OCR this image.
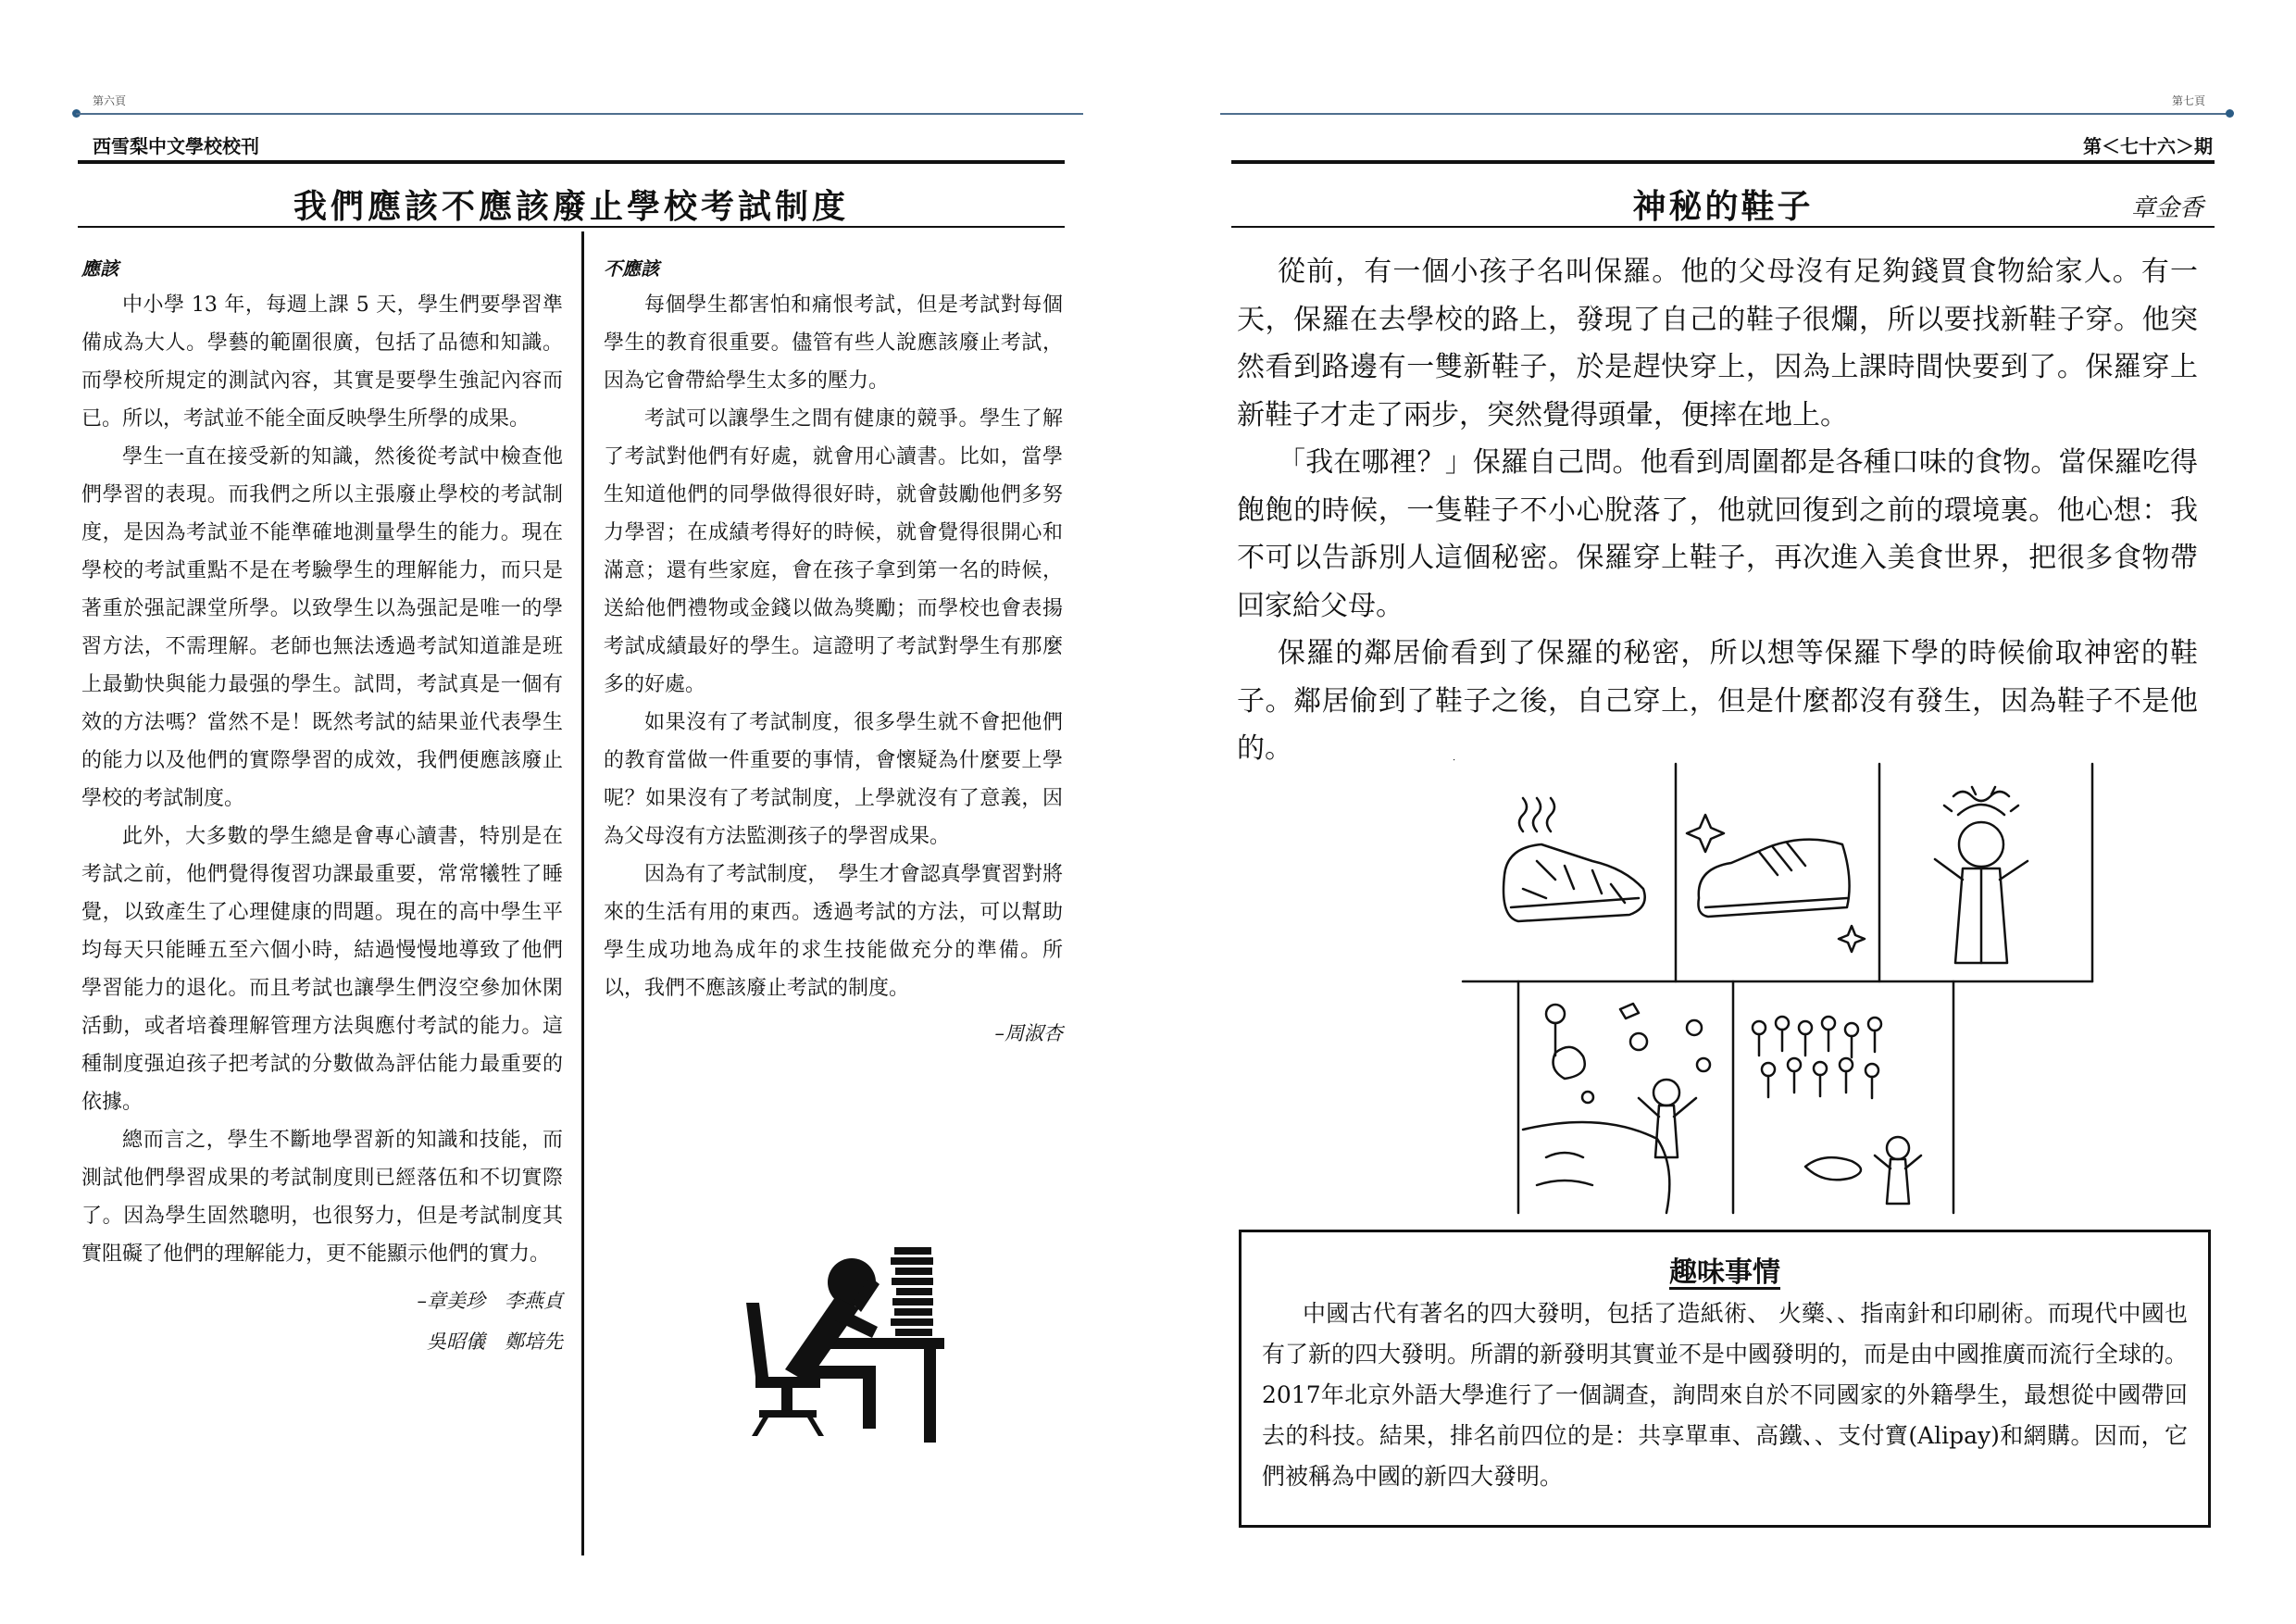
第六頁
西雪梨中文學校校刊
我們應該不應該廢止學校考試制度
應該

中小學 13 年，每週上課 5 天，學生們要學習準備成為大人。學藝的範圍很廣，包括了品德和知識。而學校所規定的測試內容，其實是要學生強記內容而已。所以，考試並不能全面反映學生所學的成果。

學生一直在接受新的知識，然後從考試中檢查他們學習的表現。而我們之所以主張廢止學校的考試制度，是因為考試並不能準確地測量學生的能力。現在學校的考試重點不是在考驗學生的理解能力，而只是著重於强記課堂所學。以致學生以為强記是唯一的學習方法，不需理解。老師也無法透過考試知道誰是班上最勤快與能力最强的學生。試問，考試真是一個有效的方法嗎？當然不是！既然考試的結果並代表學生的能力以及他們的實際學習的成效，我們便應該廢止學校的考試制度。

此外，大多數的學生總是會專心讀書，特別是在考試之前，他們覺得復習功課最重要，常常犧牲了睡覺，以致產生了心理健康的問題。現在的高中學生平均每天只能睡五至六個小時，結過慢慢地導致了他們學習能力的退化。而且考試也讓學生們沒空參加休閑活動，或者培養理解管理方法與應付考試的能力。這種制度强迫孩子把考試的分數做為評估能力最重要的依據。

總而言之，學生不斷地學習新的知識和技能，而測試他們學習成果的考試制度則已經落伍和不切實際了。因為學生固然聰明，也很努力，但是考試制度其實阻礙了他們的理解能力，更不能顯示他們的實力。

–章美珍　李燕貞
吳昭儀　鄭培先
不應該

每個學生都害怕和痛恨考試，但是考試對每個學生的教育很重要。儘管有些人說應該廢止考試，因為它會帶給學生太多的壓力。

考試可以讓學生之間有健康的競爭。學生了解了考試對他們有好處，就會用心讀書。比如，當學生知道他們的同學做得很好時，就會鼓勵他們多努力學習；在成績考得好的時候，就會覺得很開心和滿意；還有些家庭，會在孩子拿到第一名的時候，送給他們禮物或金錢以做為獎勵；而學校也會表揚考試成績最好的學生。這證明了考試對學生有那麼多的好處。

如果沒有了考試制度，很多學生就不會把他們的教育當做一件重要的事情，會懷疑為什麼要上學呢？如果沒有了考試制度，上學就沒有了意義，因為父母沒有方法監測孩子的學習成果。

因為有了考試制度，　學生才會認真學實習對將來的生活有用的東西。透過考試的方法，可以幫助學生成功地為成年的求生技能做充分的準備。所以，我們不應該廢止考試的制度。

–周淑杏
第七頁
第＜七十六＞期
神秘的鞋子	章金香

從前，有一個小孩子名叫保羅。他的父母沒有足夠錢買食物給家人。有一天，保羅在去學校的路上，發現了自己的鞋子很爛，所以要找新鞋子穿。他突然看到路邊有一雙新鞋子，於是趕快穿上，因為上課時間快要到了。保羅穿上新鞋子才走了兩步，突然覺得頭暈，便摔在地上。

「我在哪裡？」保羅自己問。他看到周圍都是各種口味的食物。當保羅吃得飽飽的時候，一隻鞋子不小心脫落了，他就回復到之前的環境裏。他心想：我不可以告訴別人這個秘密。保羅穿上鞋子，再次進入美食世界，把很多食物帶回家給父母。

保羅的鄰居偷看到了保羅的秘密，所以想等保羅下學的時候偷取神密的鞋子。鄰居偷到了鞋子之後，自己穿上，但是什麼都沒有發生，因為鞋子不是他的。

趣味事情

中國古代有著名的四大發明，包括了造紙術、 火藥、、指南針和印刷術。而現代中國也有了新的四大發明。所謂的新發明其實並不是中國發明的，而是由中國推廣而流行全球的。2017年北京外語大學進行了一個調查，詢問來自於不同國家的外籍學生，最想從中國帶回去的科技。結果，排名前四位的是：共享單車、高鐵、、支付寶(Alipay)和網購。因而，它們被稱為中國的新四大發明。
